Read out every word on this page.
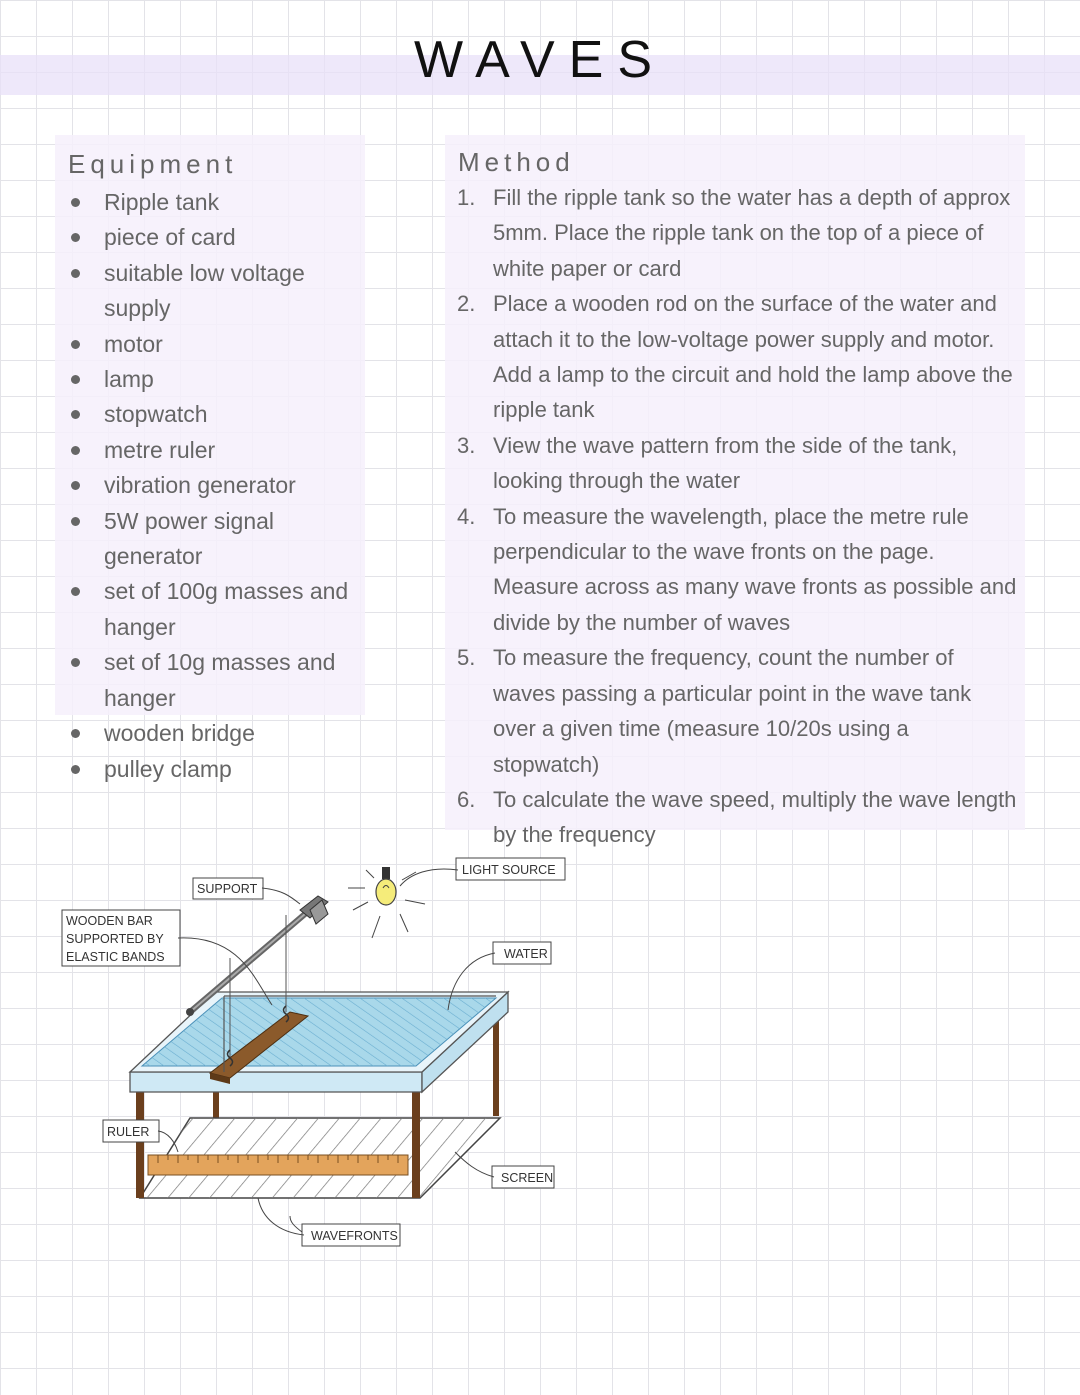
WAVES
Equipment
Ripple tank
piece of card
suitable low voltage supply
motor
lamp
stopwatch
metre ruler
vibration generator
5W power signal generator
set of 100g masses and hanger
set of 10g masses and hanger
wooden bridge
pulley clamp
Method
1. Fill the ripple tank so the water has a depth of approx 5mm. Place the ripple tank on the top of a piece of white paper or card
2. Place a wooden rod on the surface of the water and attach it to the low-voltage power supply and motor. Add a lamp to the circuit and hold the lamp above the ripple tank
3. View the wave pattern from the side of the tank, looking through the water
4. To measure the wavelength, place the metre rule perpendicular to the wave fronts on the page. Measure across as many wave fronts as possible and divide by the number of waves
5. To measure the frequency, count the number of waves passing a particular point in the wave tank over a given time (measure 10/20s using a stopwatch)
6. To calculate the wave speed, multiply the wave length by the frequency
WOODEN BAR
SUPPORTED BY
ELASTIC BANDS
SUPPORT
LIGHT SOURCE
WATER
RULER
SCREEN
WAVEFRONTS
